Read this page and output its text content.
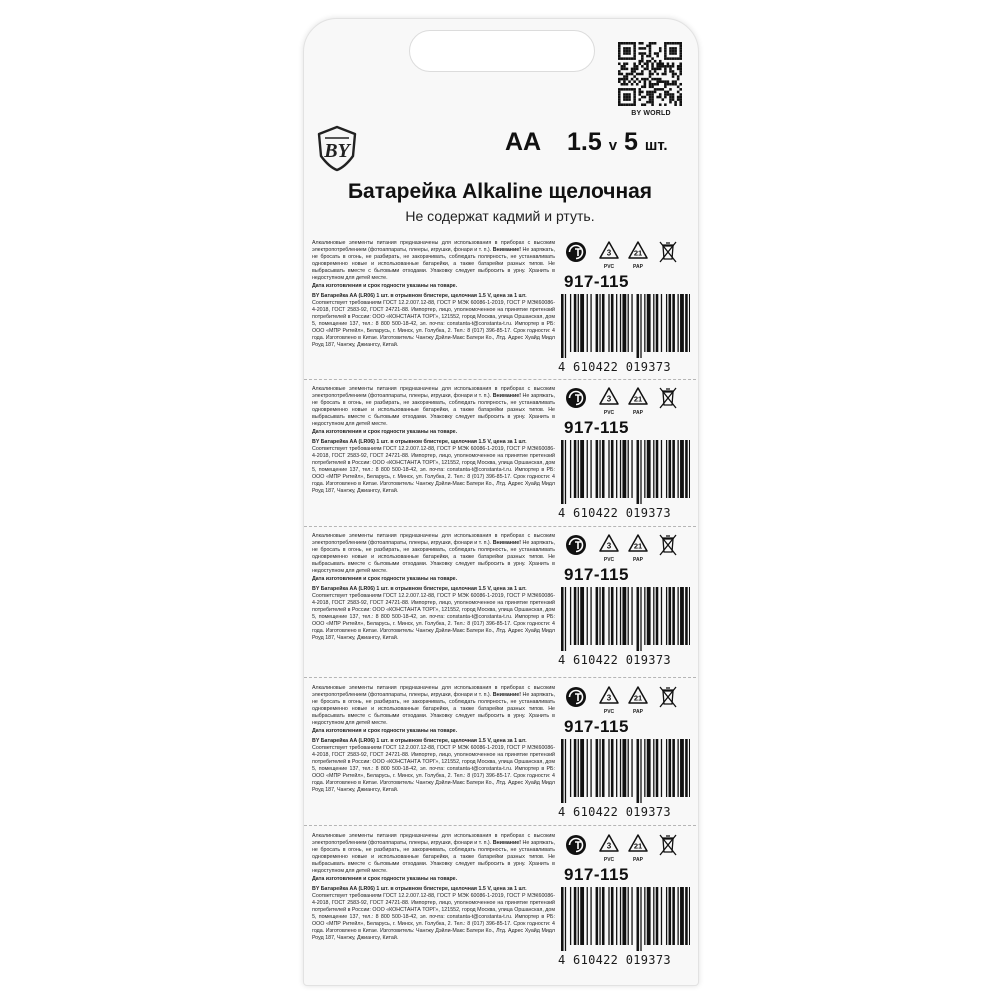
BY WORLD
BY	AA 1.5 v 5 шт.
Батарейка Alkaline щелочная
Не содержат кадмий и ртуть.
Алкалиновые элементы питания предназначены для использования в приборах с высоким электропотреблением (фотоаппараты, плееры, игрушки, фонари и т. п.). Внимание! Не заряжать, не бросать в огонь, не разбирать, не закорачивать, соблюдать полярность, не устанавливать одновременно новые и использованные батарейки, а также батарейки разных типов. Не выбрасывать вместе с бытовыми отходами. Упаковку следует выбросить в урну. Хранить в недоступном для детей месте.
Дата изготовления и срок годности указаны на товаре.
BY Батарейка AA (LR06) 1 шт. в отрывном блистере, щелочная 1.5 V, цена за 1 шт.
Соответствует требованиям ГОСТ 12.2.007.12-88, ГОСТ Р МЭК 60086-1-2019, ГОСТ Р МЭК60086-4-2018, ГОСТ 2583-92, ГОСТ 24721-88. Импортер, лицо, уполномоченное на принятие претензий потребителей в России: ООО «КОНСТАНТА ТОРГ», 121552, город Москва, улица Оршанская, дом 5, помещение 137, тел.: 8 800 500-18-42, эл. почта: constanta-t@constanta-t.ru. Импортер в РБ: ООО «МПР Ритейл», Беларусь, г. Минск, ул. Голубка, 2. Тел.: 8 (017) 396-85-17. Срок годности: 4 года. Изготовлено в Китае. Изготовитель: Чангжу Дэйли-Макс Батери Ко., Лтд. Адрес Хуайд Мидл Роуд 187, Чангжу, Джиангсу, Китай.
3
PVC
21
PAP
917-115
4 610422 019373
Алкалиновые элементы питания предназначены для использования в приборах с высоким электропотреблением (фотоаппараты, плееры, игрушки, фонари и т. п.). Внимание! Не заряжать, не бросать в огонь, не разбирать, не закорачивать, соблюдать полярность, не устанавливать одновременно новые и использованные батарейки, а также батарейки разных типов. Не выбрасывать вместе с бытовыми отходами. Упаковку следует выбросить в урну. Хранить в недоступном для детей месте.
Дата изготовления и срок годности указаны на товаре.
BY Батарейка AA (LR06) 1 шт. в отрывном блистере, щелочная 1.5 V, цена за 1 шт.
Соответствует требованиям ГОСТ 12.2.007.12-88, ГОСТ Р МЭК 60086-1-2019, ГОСТ Р МЭК60086-4-2018, ГОСТ 2583-92, ГОСТ 24721-88. Импортер, лицо, уполномоченное на принятие претензий потребителей в России: ООО «КОНСТАНТА ТОРГ», 121552, город Москва, улица Оршанская, дом 5, помещение 137, тел.: 8 800 500-18-42, эл. почта: constanta-t@constanta-t.ru. Импортер в РБ: ООО «МПР Ритейл», Беларусь, г. Минск, ул. Голубка, 2. Тел.: 8 (017) 396-85-17. Срок годности: 4 года. Изготовлено в Китае. Изготовитель: Чангжу Дэйли-Макс Батери Ко., Лтд. Адрес Хуайд Мидл Роуд 187, Чангжу, Джиангсу, Китай.
3
PVC
21
PAP
917-115
4 610422 019373
Алкалиновые элементы питания предназначены для использования в приборах с высоким электропотреблением (фотоаппараты, плееры, игрушки, фонари и т. п.). Внимание! Не заряжать, не бросать в огонь, не разбирать, не закорачивать, соблюдать полярность, не устанавливать одновременно новые и использованные батарейки, а также батарейки разных типов. Не выбрасывать вместе с бытовыми отходами. Упаковку следует выбросить в урну. Хранить в недоступном для детей месте.
Дата изготовления и срок годности указаны на товаре.
BY Батарейка AA (LR06) 1 шт. в отрывном блистере, щелочная 1.5 V, цена за 1 шт.
Соответствует требованиям ГОСТ 12.2.007.12-88, ГОСТ Р МЭК 60086-1-2019, ГОСТ Р МЭК60086-4-2018, ГОСТ 2583-92, ГОСТ 24721-88. Импортер, лицо, уполномоченное на принятие претензий потребителей в России: ООО «КОНСТАНТА ТОРГ», 121552, город Москва, улица Оршанская, дом 5, помещение 137, тел.: 8 800 500-18-42, эл. почта: constanta-t@constanta-t.ru. Импортер в РБ: ООО «МПР Ритейл», Беларусь, г. Минск, ул. Голубка, 2. Тел.: 8 (017) 396-85-17. Срок годности: 4 года. Изготовлено в Китае. Изготовитель: Чангжу Дэйли-Макс Батери Ко., Лтд. Адрес Хуайд Мидл Роуд 187, Чангжу, Джиангсу, Китай.
3
PVC
21
PAP
917-115
4 610422 019373
Алкалиновые элементы питания предназначены для использования в приборах с высоким электропотреблением (фотоаппараты, плееры, игрушки, фонари и т. п.). Внимание! Не заряжать, не бросать в огонь, не разбирать, не закорачивать, соблюдать полярность, не устанавливать одновременно новые и использованные батарейки, а также батарейки разных типов. Не выбрасывать вместе с бытовыми отходами. Упаковку следует выбросить в урну. Хранить в недоступном для детей месте.
Дата изготовления и срок годности указаны на товаре.
BY Батарейка AA (LR06) 1 шт. в отрывном блистере, щелочная 1.5 V, цена за 1 шт.
Соответствует требованиям ГОСТ 12.2.007.12-88, ГОСТ Р МЭК 60086-1-2019, ГОСТ Р МЭК60086-4-2018, ГОСТ 2583-92, ГОСТ 24721-88. Импортер, лицо, уполномоченное на принятие претензий потребителей в России: ООО «КОНСТАНТА ТОРГ», 121552, город Москва, улица Оршанская, дом 5, помещение 137, тел.: 8 800 500-18-42, эл. почта: constanta-t@constanta-t.ru. Импортер в РБ: ООО «МПР Ритейл», Беларусь, г. Минск, ул. Голубка, 2. Тел.: 8 (017) 396-85-17. Срок годности: 4 года. Изготовлено в Китае. Изготовитель: Чангжу Дэйли-Макс Батери Ко., Лтд. Адрес Хуайд Мидл Роуд 187, Чангжу, Джиангсу, Китай.
3
PVC
21
PAP
917-115
4 610422 019373
Алкалиновые элементы питания предназначены для использования в приборах с высоким электропотреблением (фотоаппараты, плееры, игрушки, фонари и т. п.). Внимание! Не заряжать, не бросать в огонь, не разбирать, не закорачивать, соблюдать полярность, не устанавливать одновременно новые и использованные батарейки, а также батарейки разных типов. Не выбрасывать вместе с бытовыми отходами. Упаковку следует выбросить в урну. Хранить в недоступном для детей месте.
Дата изготовления и срок годности указаны на товаре.
BY Батарейка AA (LR06) 1 шт. в отрывном блистере, щелочная 1.5 V, цена за 1 шт.
Соответствует требованиям ГОСТ 12.2.007.12-88, ГОСТ Р МЭК 60086-1-2019, ГОСТ Р МЭК60086-4-2018, ГОСТ 2583-92, ГОСТ 24721-88. Импортер, лицо, уполномоченное на принятие претензий потребителей в России: ООО «КОНСТАНТА ТОРГ», 121552, город Москва, улица Оршанская, дом 5, помещение 137, тел.: 8 800 500-18-42, эл. почта: constanta-t@constanta-t.ru. Импортер в РБ: ООО «МПР Ритейл», Беларусь, г. Минск, ул. Голубка, 2. Тел.: 8 (017) 396-85-17. Срок годности: 4 года. Изготовлено в Китае. Изготовитель: Чангжу Дэйли-Макс Батери Ко., Лтд. Адрес Хуайд Мидл Роуд 187, Чангжу, Джиангсу, Китай.
3
PVC
21
PAP
917-115
4 610422 019373
